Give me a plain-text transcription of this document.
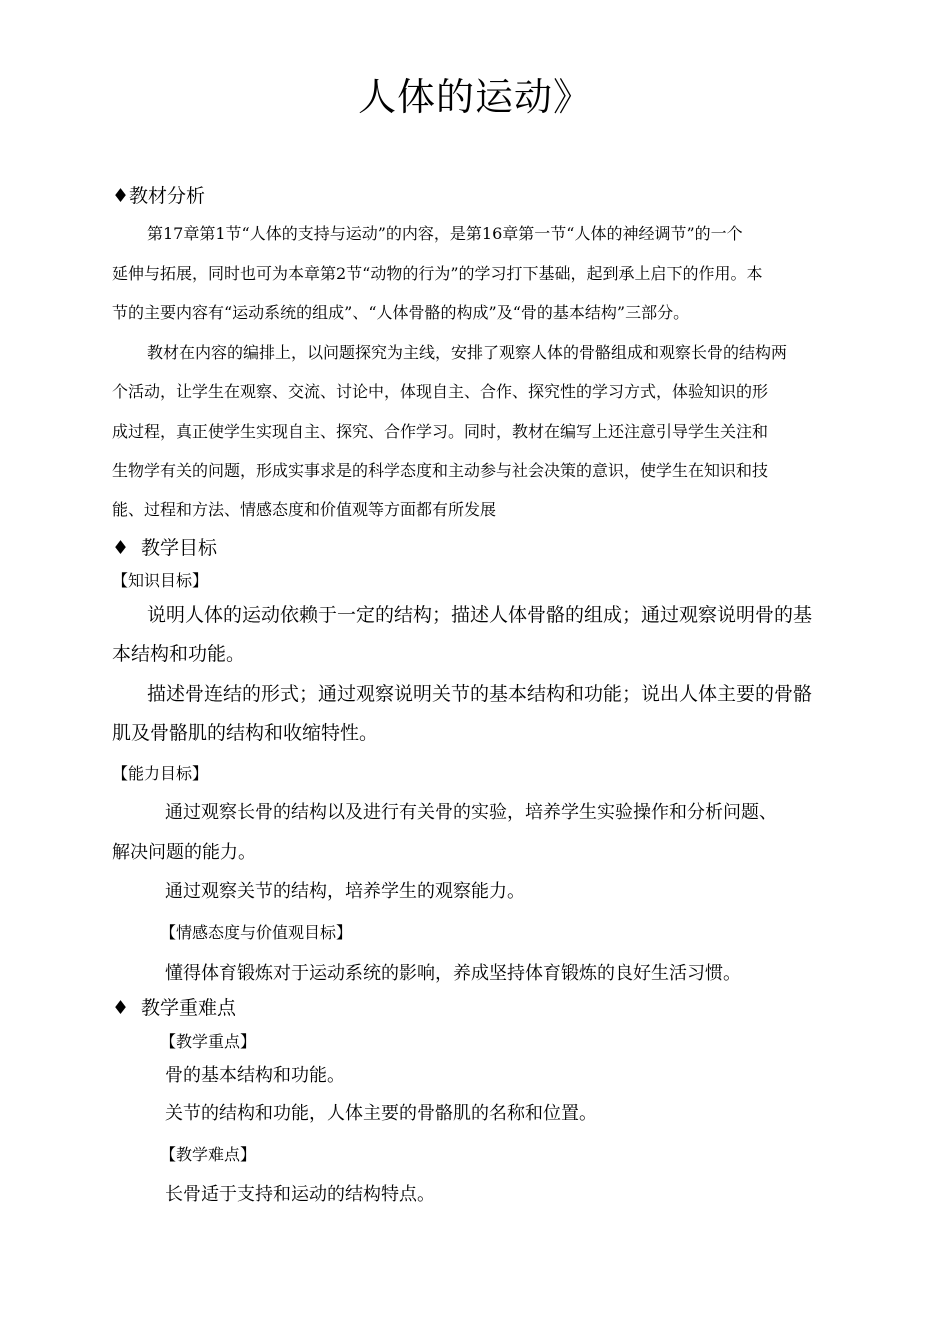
人体的运动》
♦教材分析
第17章第1节“人体的支持与运动”的内容，是第16章第一节“人体的神经调节”的一个
延伸与拓展，同时也可为本章第2节“动物的行为”的学习打下基础，起到承上启下的作用。本
节的主要内容有“运动系统的组成”、“人体骨骼的构成”及“骨的基本结构”三部分。
教材在内容的编排上，以问题探究为主线，安排了观察人体的骨骼组成和观察长骨的结构两
个活动，让学生在观察、交流、讨论中，体现自主、合作、探究性的学习方式，体验知识的形
成过程，真正使学生实现自主、探究、合作学习。同时，教材在编写上还注意引导学生关注和
生物学有关的问题，形成实事求是的科学态度和主动参与社会决策的意识，使学生在知识和技
能、过程和方法、情感态度和价值观等方面都有所发展
♦ 教学目标
【知识目标】
说明人体的运动依赖于一定的结构；描述人体骨骼的组成；通过观察说明骨的基
本结构和功能。
描述骨连结的形式；通过观察说明关节的基本结构和功能；说出人体主要的骨骼
肌及骨骼肌的结构和收缩特性。
【能力目标】
通过观察长骨的结构以及进行有关骨的实验，培养学生实验操作和分析问题、
解决问题的能力。
通过观察关节的结构，培养学生的观察能力。
【情感态度与价值观目标】
懂得体育锻炼对于运动系统的影响，养成坚持体育锻炼的良好生活习惯。
♦ 教学重难点
【教学重点】
骨的基本结构和功能。
关节的结构和功能，人体主要的骨骼肌的名称和位置。
【教学难点】
长骨适于支持和运动的结构特点。
